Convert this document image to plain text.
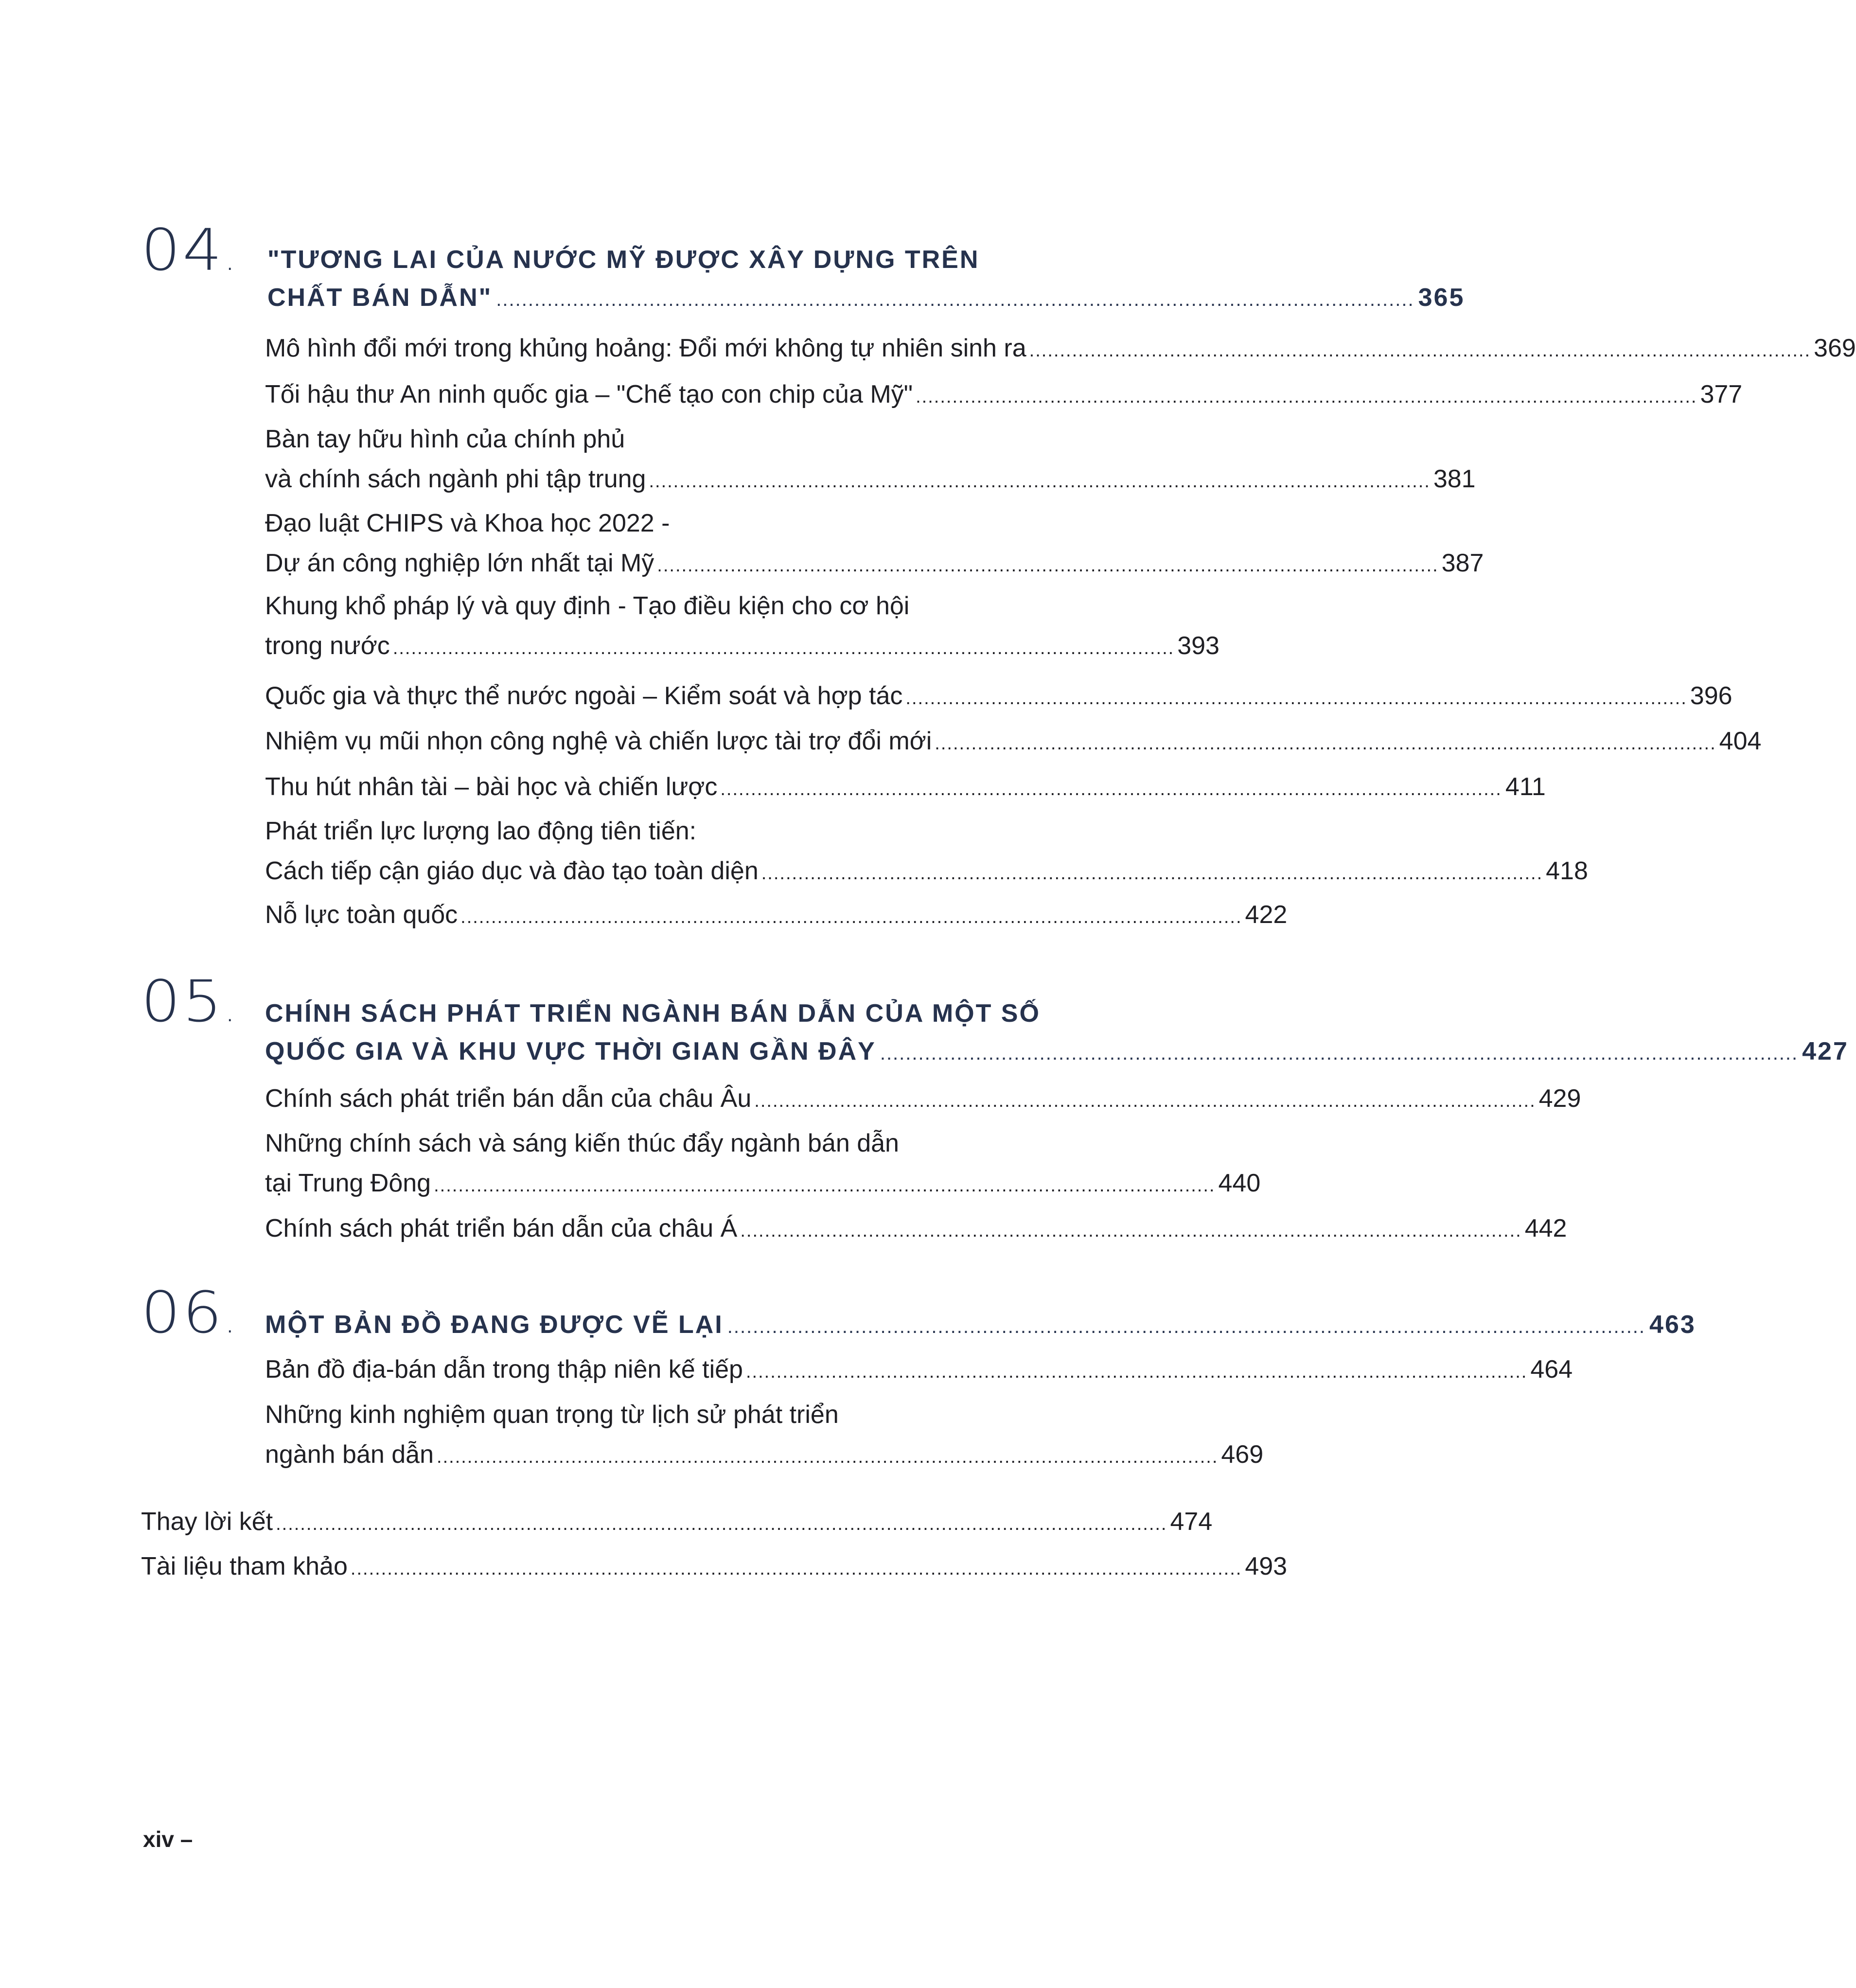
04. "TƯƠNG LAI CỦA NƯỚC MỸ ĐƯỢC XÂY DỰNG TRÊN
CHẤT BÁN DẪN" ................................................................................................................................................ 365
Mô hình đổi mới trong khủng hoảng: Đổi mới không tự nhiên sinh ra ................................................................................................................................ 369
Tối hậu thư An ninh quốc gia – "Chế tạo con chip của Mỹ" ................................................................................................................................ 377
Bàn tay hữu hình của chính phủ
và chính sách ngành phi tập trung ................................................................................................................................ 381
Đạo luật CHIPS và Khoa học 2022 -
Dự án công nghiệp lớn nhất tại Mỹ ................................................................................................................................ 387
Khung khổ pháp lý và quy định - Tạo điều kiện cho cơ hội
trong nước ................................................................................................................................ 393
Quốc gia và thực thể nước ngoài – Kiểm soát và hợp tác ................................................................................................................................ 396
Nhiệm vụ mũi nhọn công nghệ và chiến lược tài trợ đổi mới ................................................................................................................................ 404
Thu hút nhân tài – bài học và chiến lược ................................................................................................................................ 411
Phát triển lực lượng lao động tiên tiến:
Cách tiếp cận giáo dục và đào tạo toàn diện ................................................................................................................................ 418
Nỗ lực toàn quốc ................................................................................................................................ 422
05. CHÍNH SÁCH PHÁT TRIỂN NGÀNH BÁN DẪN CỦA MỘT SỐ
QUỐC GIA VÀ KHU VỰC THỜI GIAN GẦN ĐÂY ................................................................................................................................................ 427
Chính sách phát triển bán dẫn của châu Âu ................................................................................................................................ 429
Những chính sách và sáng kiến thúc đẩy ngành bán dẫn
tại Trung Đông ................................................................................................................................ 440
Chính sách phát triển bán dẫn của châu Á ................................................................................................................................ 442
06. MỘT BẢN ĐỒ ĐANG ĐƯỢC VẼ LẠI ................................................................................................................................................ 463
Bản đồ địa-bán dẫn trong thập niên kế tiếp ................................................................................................................................ 464
Những kinh nghiệm quan trọng từ lịch sử phát triển
ngành bán dẫn ................................................................................................................................ 469
Thay lời kết .................................................................................................................................................. 474
Tài liệu tham khảo .................................................................................................................................................. 493
xiv –
